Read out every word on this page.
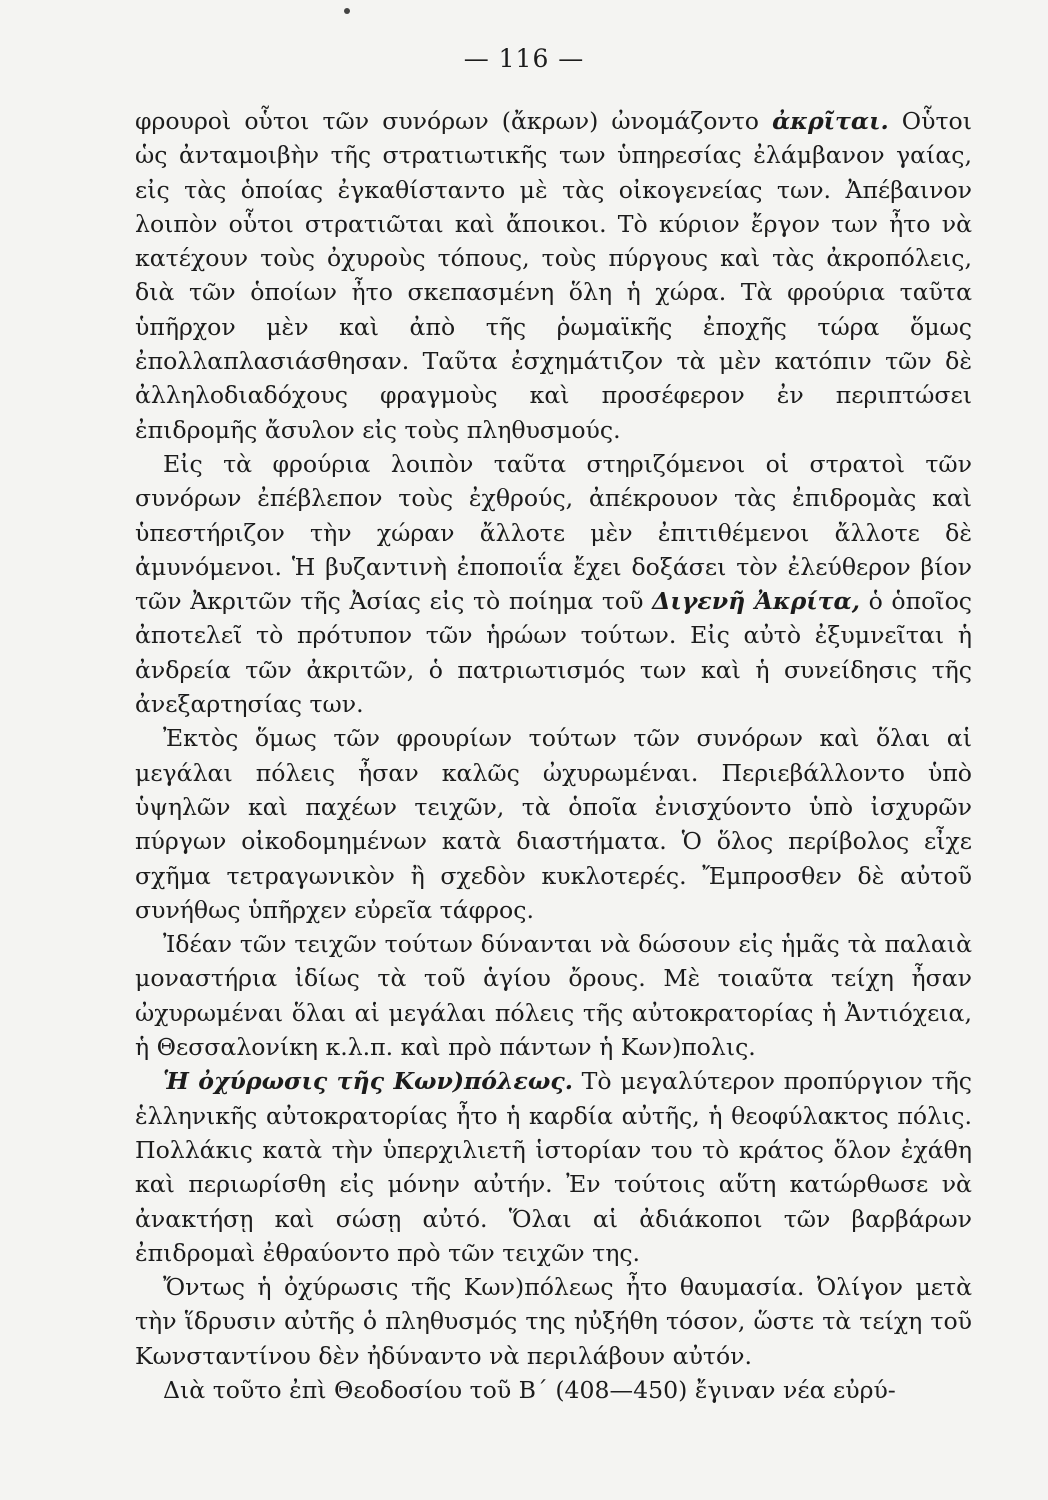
— 116 —

φρουροὶ οὗτοι τῶν συνόρων (ἄκρων) ὠνομάζοντο ἀκρῖται. Οὗτοι ὡς ἀνταμοιβὴν τῆς στρατιωτικῆς των ὑπηρεσίας ἐλάμβανον γαίας, εἰς τὰς ὁποίας ἐγκαθίσταντο μὲ τὰς οἰκογενείας των. Ἀπέβαινον λοιπὸν οὗτοι στρατιῶται καὶ ἄποικοι. Τὸ κύριον ἔργον των ἦτο νὰ κατέχουν τοὺς ὀχυροὺς τόπους, τοὺς πύργους καὶ τὰς ἀκροπόλεις, διὰ τῶν ὁποίων ἦτο σκεπασμένη ὅλη ἡ χώρα. Τὰ φρούρια ταῦτα ὑπῆρχον μὲν καὶ ἀπὸ τῆς ῥωμαϊκῆς ἐποχῆς τώρα ὅμως ἐπολλαπλασιάσθησαν. Ταῦτα ἐσχημάτιζον τὰ μὲν κατόπιν τῶν δὲ ἀλληλοδιαδόχους φραγμοὺς καὶ προσέφερον ἐν περιπτώσει ἐπιδρομῆς ἄσυλον εἰς τοὺς πληθυσμούς.

Εἰς τὰ φρούρια λοιπὸν ταῦτα στηριζόμενοι οἱ στρατοὶ τῶν συνόρων ἐπέβλεπον τοὺς ἐχθρούς, ἀπέκρουον τὰς ἐπιδρομὰς καὶ ὑπεστήριζον τὴν χώραν ἄλλοτε μὲν ἐπιτιθέμενοι ἄλλοτε δὲ ἀμυνόμενοι. Ἡ βυζαντινὴ ἐποποιΐα ἔχει δοξάσει τὸν ἐλεύθερον βίον τῶν Ἀκριτῶν τῆς Ἀσίας εἰς τὸ ποίημα τοῦ Διγενῆ Ἀκρίτα, ὁ ὁποῖος ἀποτελεῖ τὸ πρότυπον τῶν ἡρώων τούτων. Εἰς αὐτὸ ἐξυμνεῖται ἡ ἀνδρεία τῶν ἀκριτῶν, ὁ πατριωτισμός των καὶ ἡ συνείδησις τῆς ἀνεξαρτησίας των.

Ἐκτὸς ὅμως τῶν φρουρίων τούτων τῶν συνόρων καὶ ὅλαι αἱ μεγάλαι πόλεις ἦσαν καλῶς ὠχυρωμέναι. Περιεβάλλοντο ὑπὸ ὑψηλῶν καὶ παχέων τειχῶν, τὰ ὁποῖα ἐνισχύοντο ὑπὸ ἰσχυρῶν πύργων οἰκοδομημένων κατὰ διαστήματα. Ὁ ὅλος περίβολος εἶχε σχῆμα τετραγωνικὸν ἢ σχεδὸν κυκλοτερές. Ἔμπροσθεν δὲ αὐτοῦ συνήθως ὑπῆρχεν εὐρεῖα τάφρος.

Ἰδέαν τῶν τειχῶν τούτων δύνανται νὰ δώσουν εἰς ἡμᾶς τὰ παλαιὰ μοναστήρια ἰδίως τὰ τοῦ ἁγίου ὄρους. Μὲ τοιαῦτα τείχη ἦσαν ὠχυρωμέναι ὅλαι αἱ μεγάλαι πόλεις τῆς αὐτοκρατορίας ἡ Ἀντιόχεια, ἡ Θεσσαλονίκη κ.λ.π. καὶ πρὸ πάντων ἡ Κων)πολις.

Ἡ ὀχύρωσις τῆς Κων)πόλεως. Τὸ μεγαλύτερον προπύργιον τῆς ἑλληνικῆς αὐτοκρατορίας ἦτο ἡ καρδία αὐτῆς, ἡ θεοφύλακτος πόλις. Πολλάκις κατὰ τὴν ὑπερχιλιετῆ ἱστορίαν του τὸ κράτος ὅλον ἐχάθη καὶ περιωρίσθη εἰς μόνην αὐτήν. Ἐν τούτοις αὕτη κατώρθωσε νὰ ἀνακτήσῃ καὶ σώσῃ αὐτό. Ὅλαι αἱ ἀδιάκοποι τῶν βαρβάρων ἐπιδρομαὶ ἐθραύοντο πρὸ τῶν τειχῶν της.

Ὄντως ἡ ὀχύρωσις τῆς Κων)πόλεως ἦτο θαυμασία. Ὀλίγον μετὰ τὴν ἵδρυσιν αὐτῆς ὁ πληθυσμός της ηὐξήθη τόσον, ὥστε τὰ τείχη τοῦ Κωνσταντίνου δὲν ἠδύναντο νὰ περιλάβουν αὐτόν.

Διὰ τοῦτο ἐπὶ Θεοδοσίου τοῦ Β΄ (408—450) ἔγιναν νέα εὐρύ-
